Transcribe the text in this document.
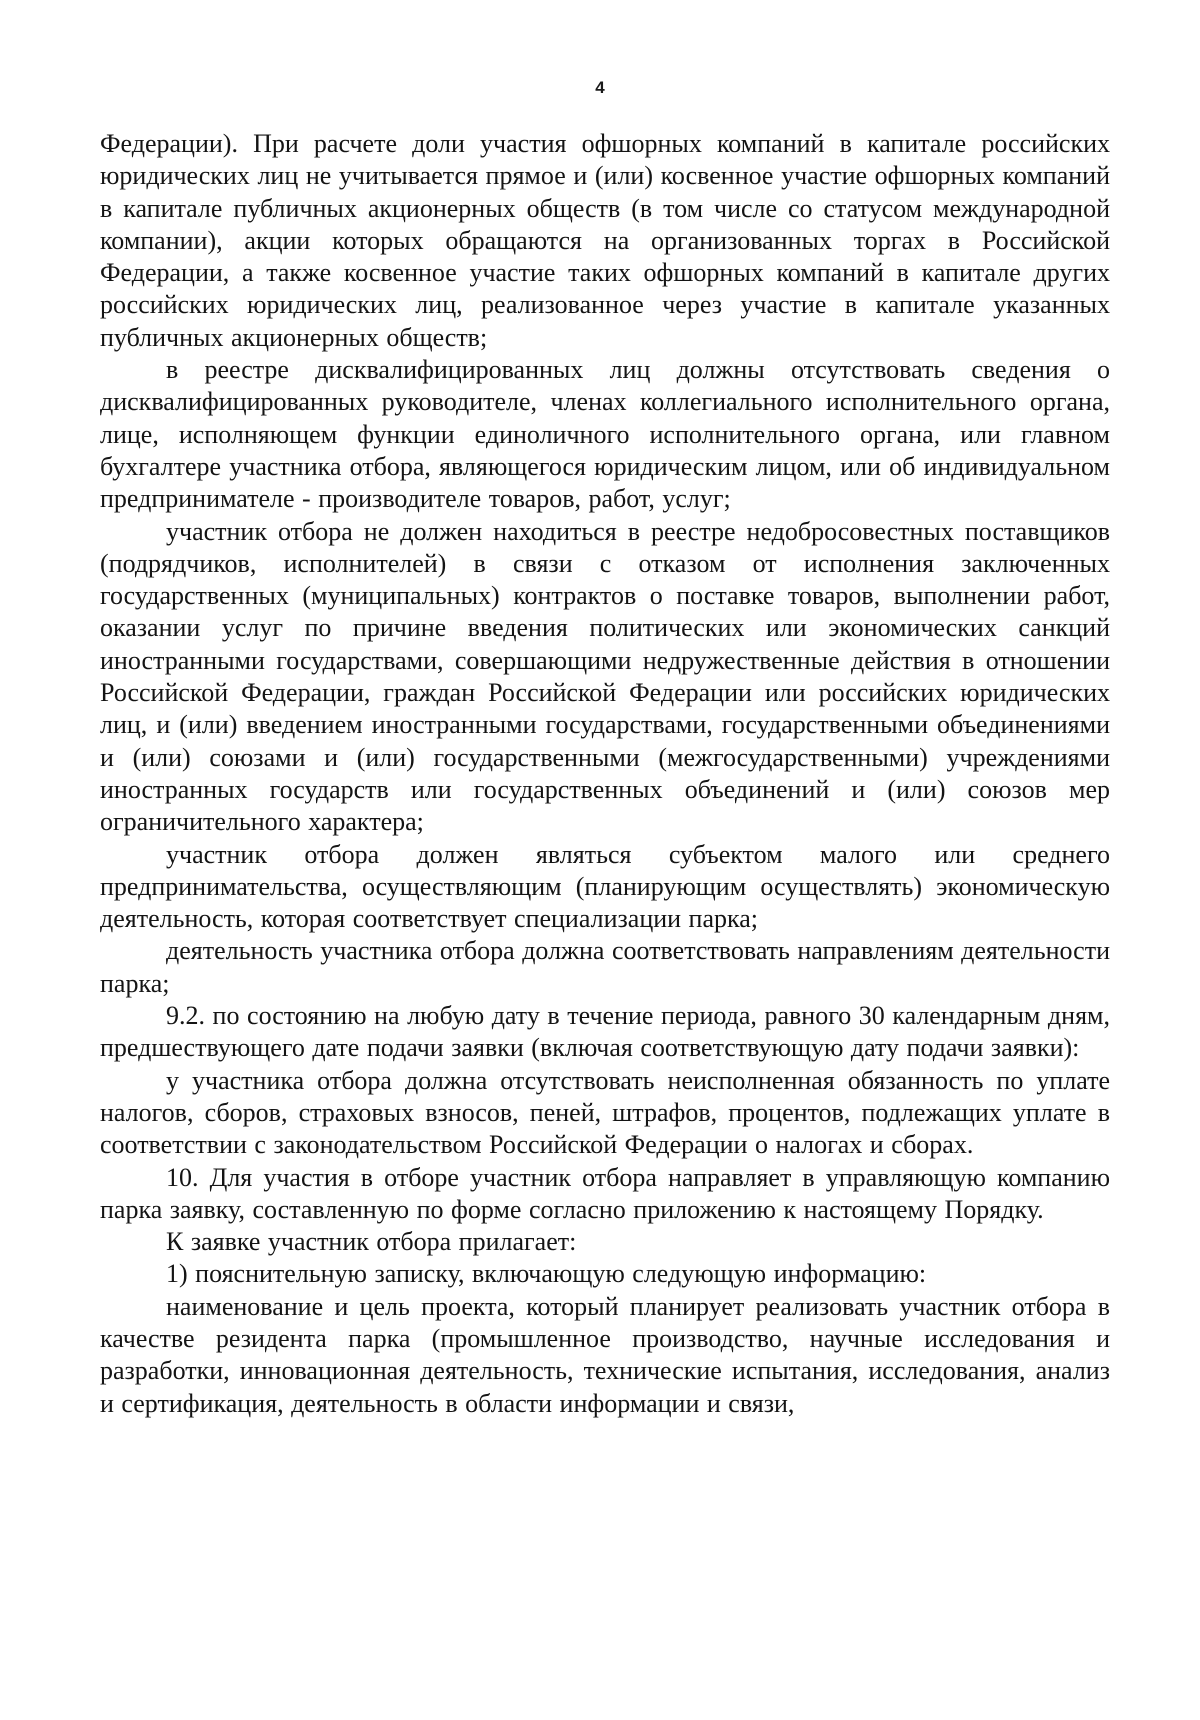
4

Федерации). При расчете доли участия офшорных компаний в капитале российских юридических лиц не учитывается прямое и (или) косвенное участие офшорных компаний в капитале публичных акционерных обществ (в том числе со статусом международной компании), акции которых обращаются на организованных торгах в Российской Федерации, а также косвенное участие таких офшорных компаний в капитале других российских юридических лиц, реализованное через участие в капитале указанных публичных акционерных обществ;

в реестре дисквалифицированных лиц должны отсутствовать сведения о дисквалифицированных руководителе, членах коллегиального исполнительного органа, лице, исполняющем функции единоличного исполнительного органа, или главном бухгалтере участника отбора, являющегося юридическим лицом, или об индивидуальном предпринимателе - производителе товаров, работ, услуг;

участник отбора не должен находиться в реестре недобросовестных поставщиков (подрядчиков, исполнителей) в связи с отказом от исполнения заключенных государственных (муниципальных) контрактов о поставке товаров, выполнении работ, оказании услуг по причине введения политических или экономических санкций иностранными государствами, совершающими недружественные действия в отношении Российской Федерации, граждан Российской Федерации или российских юридических лиц, и (или) введением иностранными государствами, государственными объединениями и (или) союзами и (или) государственными (межгосударственными) учреждениями иностранных государств или государственных объединений и (или) союзов мер ограничительного характера;

участник отбора должен являться субъектом малого или среднего предпринимательства, осуществляющим (планирующим осуществлять) экономическую деятельность, которая соответствует специализации парка;

деятельность участника отбора должна соответствовать направлениям деятельности парка;

9.2. по состоянию на любую дату в течение периода, равного 30 календарным дням, предшествующего дате подачи заявки (включая соответствующую дату подачи заявки):

у участника отбора должна отсутствовать неисполненная обязанность по уплате налогов, сборов, страховых взносов, пеней, штрафов, процентов, подлежащих уплате в соответствии с законодательством Российской Федерации о налогах и сборах.

10. Для участия в отборе участник отбора направляет в управляющую компанию парка заявку, составленную по форме согласно приложению к настоящему Порядку.

К заявке участник отбора прилагает:

1) пояснительную записку, включающую следующую информацию:

наименование и цель проекта, который планирует реализовать участник отбора в качестве резидента парка (промышленное производство, научные исследования и разработки, инновационная деятельность, технические испытания, исследования, анализ и сертификация, деятельность в области информации и связи,
